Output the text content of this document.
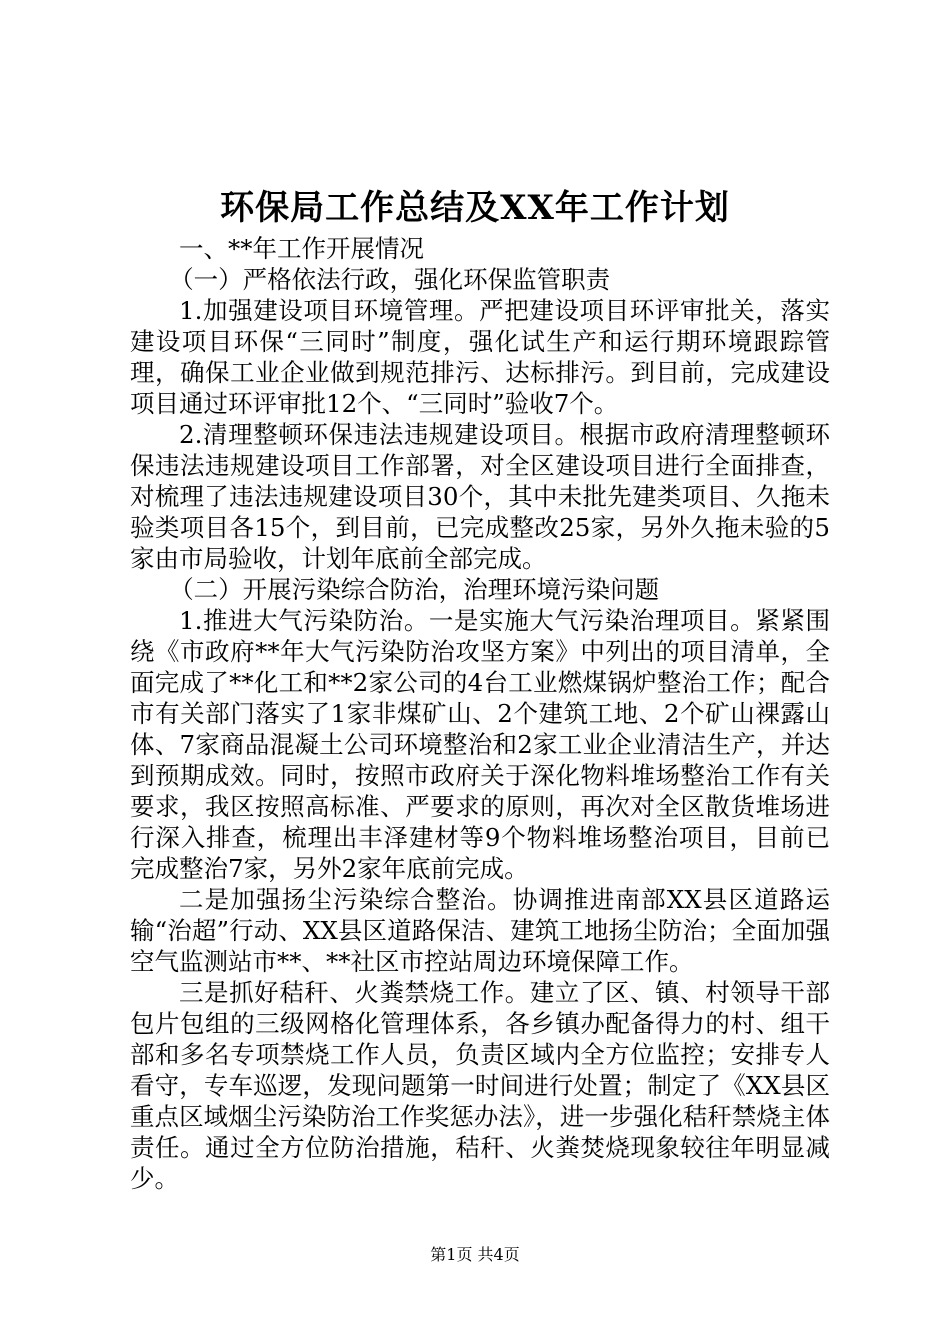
环保局工作总结及XX年工作计划

一、**年工作开展情况

（一）严格依法行政，强化环保监管职责

1.加强建设项目环境管理。严把建设项目环评审批关，落实建设项目环保“三同时”制度，强化试生产和运行期环境跟踪管理，确保工业企业做到规范排污、达标排污。到目前，完成建设项目通过环评审批12个、“三同时”验收7个。

2.清理整顿环保违法违规建设项目。根据市政府清理整顿环保违法违规建设项目工作部署，对全区建设项目进行全面排查，对梳理了违法违规建设项目30个，其中未批先建类项目、久拖未验类项目各15个，到目前，已完成整改25家，另外久拖未验的5家由市局验收，计划年底前全部完成。

（二）开展污染综合防治，治理环境污染问题

1.推进大气污染防治。一是实施大气污染治理项目。紧紧围绕《市政府**年大气污染防治攻坚方案》中列出的项目清单，全面完成了**化工和**2家公司的4台工业燃煤锅炉整治工作；配合市有关部门落实了1家非煤矿山、2个建筑工地、2个矿山裸露山体、7家商品混凝土公司环境整治和2家工业企业清洁生产，并达到预期成效。同时，按照市政府关于深化物料堆场整治工作有关要求，我区按照高标准、严要求的原则，再次对全区散货堆场进行深入排查，梳理出丰泽建材等9个物料堆场整治项目，目前已完成整治7家，另外2家年底前完成。

二是加强扬尘污染综合整治。协调推进南部XX县区道路运输“治超”行动、XX县区道路保洁、建筑工地扬尘防治；全面加强空气监测站市**、**社区市控站周边环境保障工作。

三是抓好秸秆、火粪禁烧工作。建立了区、镇、村领导干部包片包组的三级网格化管理体系，各乡镇办配备得力的村、组干部和多名专项禁烧工作人员，负责区域内全方位监控；安排专人看守，专车巡逻，发现问题第一时间进行处置；制定了《XX县区重点区域烟尘污染防治工作奖惩办法》，进一步强化秸秆禁烧主体责任。通过全方位防治措施，秸秆、火粪焚烧现象较往年明显减少。

第1页 共4页
